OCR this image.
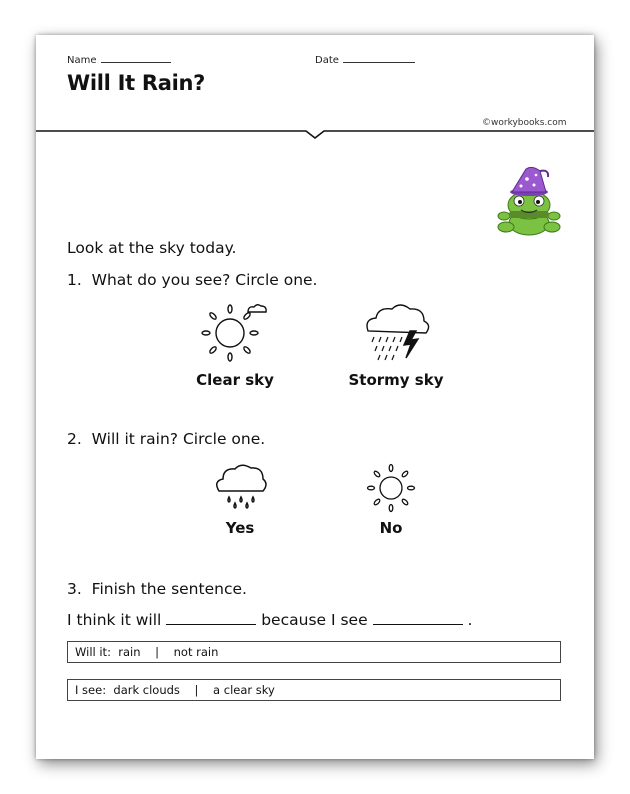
Name	Date
Will It Rain?
©workybooks.com
Look at the sky today.
1. What do you see? Circle one.
Clear sky	Stormy sky
2. Will it rain? Circle one.
Yes	No
3. Finish the sentence.
I think it will	because I see	.
Will it: rain | not rain
I see: dark clouds | a clear sky
